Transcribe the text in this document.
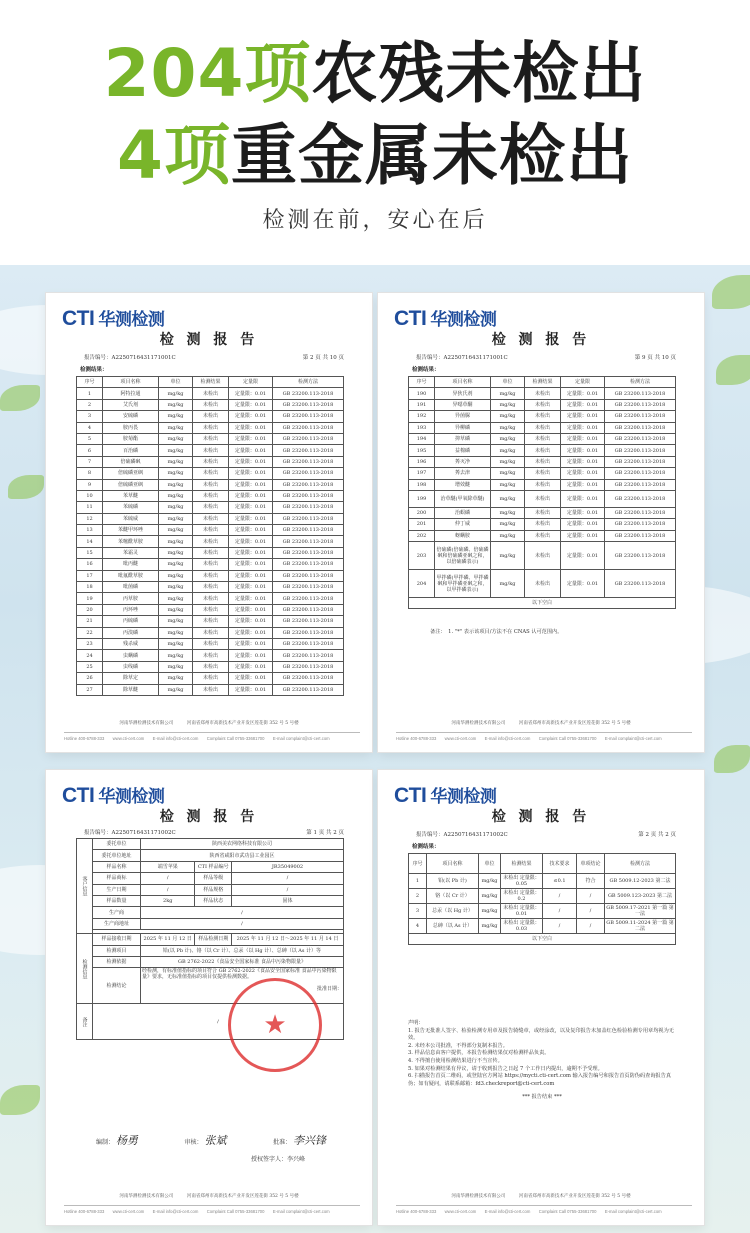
204项农残未检出
4项重金属未检出
检测在前，安心在后
CTI 华测检测
检 测 报 告
报告编号：A2250716431171001C	第 2 页 共 10 页
检测结果：
序号	项目名称	单位	检测结果	定量限	检测方法
1	阿特拉通	mg/kg	未检出	定量限：0.01	GB 23200.113-2018
2	艾氏剂	mg/kg	未检出	定量限：0.01	GB 23200.113-2018
3	安硫磷	mg/kg	未检出	定量限：0.01	GB 23200.113-2018
4	胺丙畏	mg/kg	未检出	定量限：0.01	GB 23200.113-2018
5	胺菊酯	mg/kg	未检出	定量限：0.01	GB 23200.113-2018
6	百治磷	mg/kg	未检出	定量限：0.01	GB 23200.113-2018
7	倍硫磷砜	mg/kg	未检出	定量限：0.01	GB 23200.113-2018
8	倍硫磷亚砜	mg/kg	未检出	定量限：0.01	GB 23200.113-2018
9	倍硫磷亚砜	mg/kg	未检出	定量限：0.01	GB 23200.113-2018
10	苯草醚	mg/kg	未检出	定量限：0.01	GB 23200.113-2018
11	苯硫磷	mg/kg	未检出	定量限：0.01	GB 23200.113-2018
12	苯硫威	mg/kg	未检出	定量限：0.01	GB 23200.113-2018
13	苯醚甲环唑	mg/kg	未检出	定量限：0.01	GB 23200.113-2018
14	苯噻酰草胺	mg/kg	未检出	定量限：0.01	GB 23200.113-2018
15	苯霜灵	mg/kg	未检出	定量限：0.01	GB 23200.113-2018
16	吡丙醚	mg/kg	未检出	定量限：0.01	GB 23200.113-2018
17	吡氟酰草胺	mg/kg	未检出	定量限：0.01	GB 23200.113-2018
18	吡菌磷	mg/kg	未检出	定量限：0.01	GB 23200.113-2018
19	丙草胺	mg/kg	未检出	定量限：0.01	GB 23200.113-2018
20	丙环唑	mg/kg	未检出	定量限：0.01	GB 23200.113-2018
21	丙硫磷	mg/kg	未检出	定量限：0.01	GB 23200.113-2018
22	丙溴磷	mg/kg	未检出	定量限：0.01	GB 23200.113-2018
23	残杀威	mg/kg	未检出	定量限：0.01	GB 23200.113-2018
24	虫螨磷	mg/kg	未检出	定量限：0.01	GB 23200.113-2018
25	虫线磷	mg/kg	未检出	定量限：0.01	GB 23200.113-2018
26	除草定	mg/kg	未检出	定量限：0.01	GB 23200.113-2018
27	除草醚	mg/kg	未检出	定量限：0.01	GB 23200.113-2018
河南华测检测技术有限公司　　　河南省郑州市高新技术产业开发区莲花街 352 号 5 号楼
Hotline 400-6788-333　　www.cti-cert.com　　E-mail info@cti-cert.com　　Complaint Call 0755-33681700　　E-mail complaint@cti-cert.com
CTI 华测检测
检 测 报 告
报告编号：A2250716431171001C	第 9 页 共 10 页
检测结果：
序号	项目名称	单位	检测结果	定量限	检测方法
190	异狄氏剂	mg/kg	未检出	定量限：0.01	GB 23200.113-2018
191	异噁草酮	mg/kg	未检出	定量限：0.01	GB 23200.113-2018
192	异菌脲	mg/kg	未检出	定量限：0.01	GB 23200.113-2018
193	异柳磷	mg/kg	未检出	定量限：0.01	GB 23200.113-2018
194	抑草磷	mg/kg	未检出	定量限：0.01	GB 23200.113-2018
195	益棉磷	mg/kg	未检出	定量限：0.01	GB 23200.113-2018
196	莠灭净	mg/kg	未检出	定量限：0.01	GB 23200.113-2018
197	莠去津	mg/kg	未检出	定量限：0.01	GB 23200.113-2018
198	增效醚	mg/kg	未检出	定量限：0.01	GB 23200.113-2018
199	治草醚(甲氧除草醚)	mg/kg	未检出	定量限：0.01	GB 23200.113-2018
200	治螟磷	mg/kg	未检出	定量限：0.01	GB 23200.113-2018
201	仲丁威	mg/kg	未检出	定量限：0.01	GB 23200.113-2018
202	蚜螨胺	mg/kg	未检出	定量限：0.01	GB 23200.113-2018
203	倍硫磷(倍硫磷、倍硫磷砜和倍硫磷亚砜之和，以倍硫磷表示)	mg/kg	未检出	定量限：0.01	GB 23200.113-2018
204	甲拌磷(甲拌磷、甲拌磷砜和甲拌磷亚砜之和，以甲拌磷表示)	mg/kg	未检出	定量限：0.01	GB 23200.113-2018
以下空白					
备注：　1. "*" 表示该项目/方法不在 CNAS 认可范围内。
河南华测检测技术有限公司　　　河南省郑州市高新技术产业开发区莲花街 352 号 5 号楼
Hotline 400-6788-333　　www.cti-cert.com　　E-mail info@cti-cert.com　　Complaint Call 0755-33681700　　E-mail complaint@cti-cert.com
CTI 华测检测
检 测 报 告
报告编号：A2250716431171002C	第 1 页 共 2 页
客户信息	委托单位	陕西美农网络科技有限公司		
	委托单位地址	陕西省咸阳市武功县工业园区		
	样品名称	端雪苹果	CTI 样品编号	JR35049002
	样品商标	/	样品等级	/
	生产日期	/	样品规格	/
	样品数量	2kg	样品状态	固体
	生产商	/		
	生产商地址	/		

检测信息	样品接收日期	2025 年 11 月 12 日	样品检测日期	2025 年 11 月 12 日～2025 年 11 月 14 日
	检测项目	铅(以 Pb 计)、铬（以 Cr 计）、总汞（以 Hg 计）、总砷（以 As 计）等		
	检测依据	GB 2762-2022《食品安全国家标准 食品中污染物限量》		
	检测结论	经检测，有标准值指标的项目符合 GB 2762-2022《食品安全国家标准 食品中污染物限量》要求，无标准值指标的项目仅提供检测数据。

批准日期：		

备注	/			★
编制： 杨勇	审核： 张斌	批准： 李兴锋
授权签字人：李兴峰
河南华测检测技术有限公司　　　河南省郑州市高新技术产业开发区莲花街 352 号 5 号楼
Hotline 400-6788-333　　www.cti-cert.com　　E-mail info@cti-cert.com　　Complaint Call 0755-33681700　　E-mail complaint@cti-cert.com
CTI 华测检测
检 测 报 告
报告编号：A2250716431171002C	第 2 页 共 2 页
检测结果：
序号	项目名称	单位	检测结果	技术要求	单项结论	检测方法
1	铅(以 Pb 计)	mg/kg	未检出 定量限：0.05	≤0.1	符合	GB 5009.12-2023 第二法
2	铬（以 Cr 计）	mg/kg	未检出 定量限：0.2	/	/	GB 5009.123-2023 第二法
3	总汞（以 Hg 计）	mg/kg	未检出 定量限：0.01	/	/	GB 5009.17-2021 第一篇 第一法
4	总砷（以 As 计）	mg/kg	未检出 定量限：0.03	/	/	GB 5009.11-2024 第一篇 第二法
以下空白						
声明：
1. 报告无批准人签字、检验检测专用章及报告骑缝章，或经涂改，以及复印报告未加盖红色检验检测专用章均视为无效。
2. 未经本公司批准，不得部分复制本报告。
3. 样品信息由客户提供，本报告检测结果仅对检测样品负责。
4. 不得擅自使用检测结果进行不当宣传。
5. 如果对检测结果有异议，请于收到报告之日起 7 个工作日内提出，逾期不予受理。
6. 扫描报告首页二维码，或登陆官方网站 https://mycti.cti-cert.com 输入报告编号和报告首页防伪码查询报告真伪；如有疑问，请联系邮箱：fd3.checkreport@cti-cert.com
*** 报告结束 ***
河南华测检测技术有限公司　　　河南省郑州市高新技术产业开发区莲花街 352 号 5 号楼
Hotline 400-6788-333　　www.cti-cert.com　　E-mail info@cti-cert.com　　Complaint Call 0755-33681700　　E-mail complaint@cti-cert.com
